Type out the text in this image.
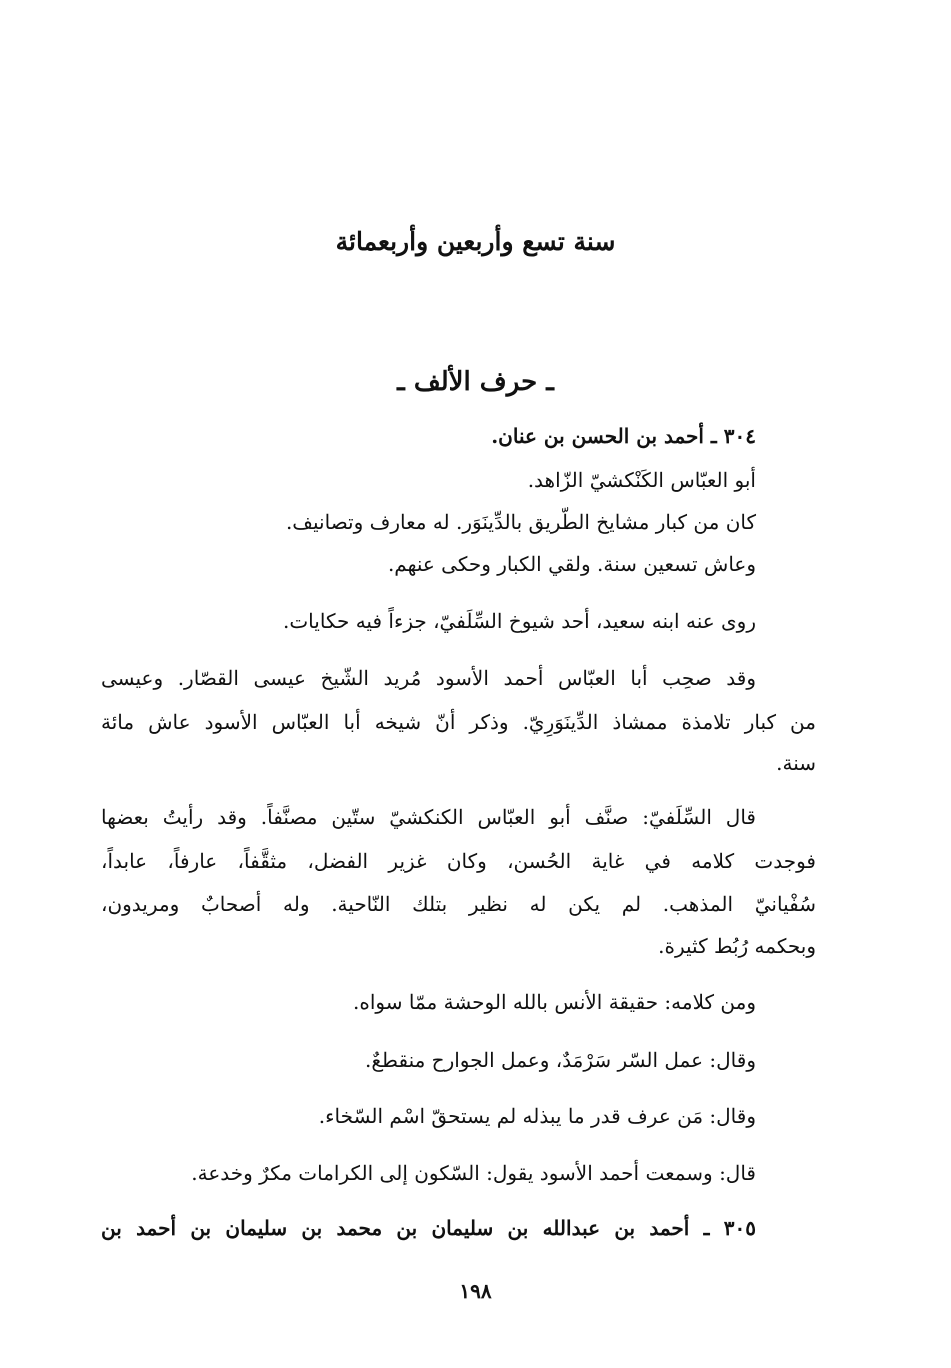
سنة تسع وأربعين وأربعمائة
ـ حرف الألف ـ
٣٠٤ ـ أحمد بن الحسن بن عنان.
أبو العبّاس الكَنْكشيّ الزّاهد.
كان من كبار مشايخ الطّريق بالدِّينَوَر. له معارف وتصانيف.
وعاش تسعين سنة. ولقي الكبار وحكى عنهم.
روى عنه ابنه سعيد، أحد شيوخ السِّلَفيّ، جزءاً فيه حكايات.
وقد صحِب أبا العبّاس أحمد الأسود مُريد الشّيخ عيسى القصّار. وعيسى
من كبار تلامذة ممشاذ الدِّينَوَرِيّ. وذكر أنّ شيخه أبا العبّاس الأسود عاش مائة
سنة.
قال السِّلَفيّ: صنَّف أبو العبّاس الكنكشيّ ستّين مصنَّفاً. وقد رأيتُ بعضها
فوجدت كلامه في غاية الحُسن، وكان غزير الفضل، مثقَّفاً، عارفاً، عابداً،
سُفْيانيّ المذهب. لم يكن له نظير بتلك النّاحية. وله أصحابٌ ومريدون،
وبحكمه رُبُط كثيرة.
ومن كلامه: حقيقة الأنس بالله الوحشة ممّا سواه.
وقال: عمل السّر سَرْمَدٌ، وعمل الجوارح منقطعٌ.
وقال: مَن عرف قدر ما يبذله لم يستحقّ اسْم السّخاء.
قال: وسمعت أحمد الأسود يقول: السّكون إلى الكرامات مكرٌ وخدعة.
٣٠٥ ـ أحمد بن عبدالله بن سليمان بن محمد بن سليمان بن أحمد بن
١٩٨
